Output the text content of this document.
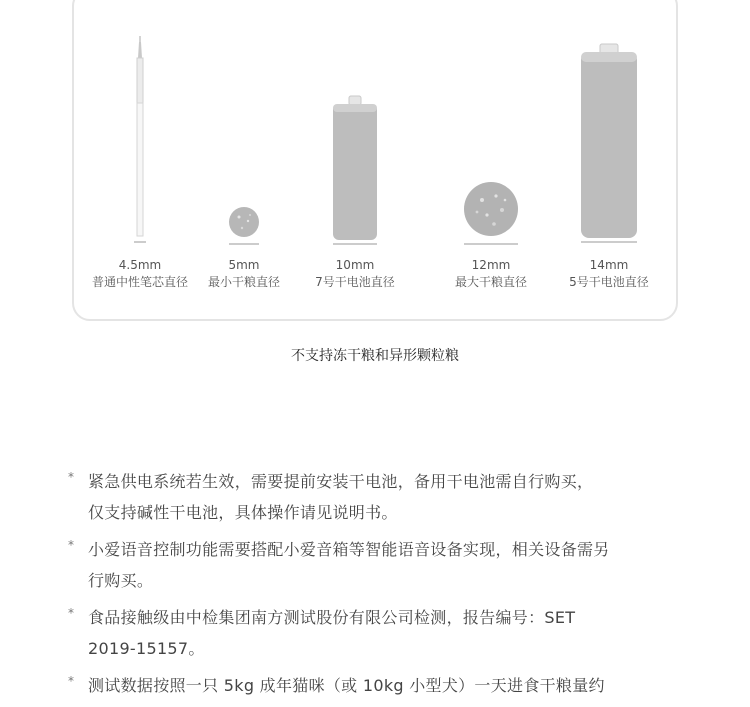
4.5mm
普通中性笔芯直径
5mm
最小干粮直径
10mm
7号干电池直径
12mm
最大干粮直径
14mm
5号干电池直径
不支持冻干粮和异形颗粒粮
* 紧急供电系统若生效，需要提前安装干电池，备用干电池需自行购买，
仅支持碱性干电池，具体操作请见说明书。
* 小爱语音控制功能需要搭配小爱音箱等智能语音设备实现，相关设备需另
行购买。
* 食品接触级由中检集团南方测试股份有限公司检测，报告编号：SET
2019-15157。
* 测试数据按照一只 5kg 成年猫咪（或 10kg 小型犬）一天进食干粮量约
